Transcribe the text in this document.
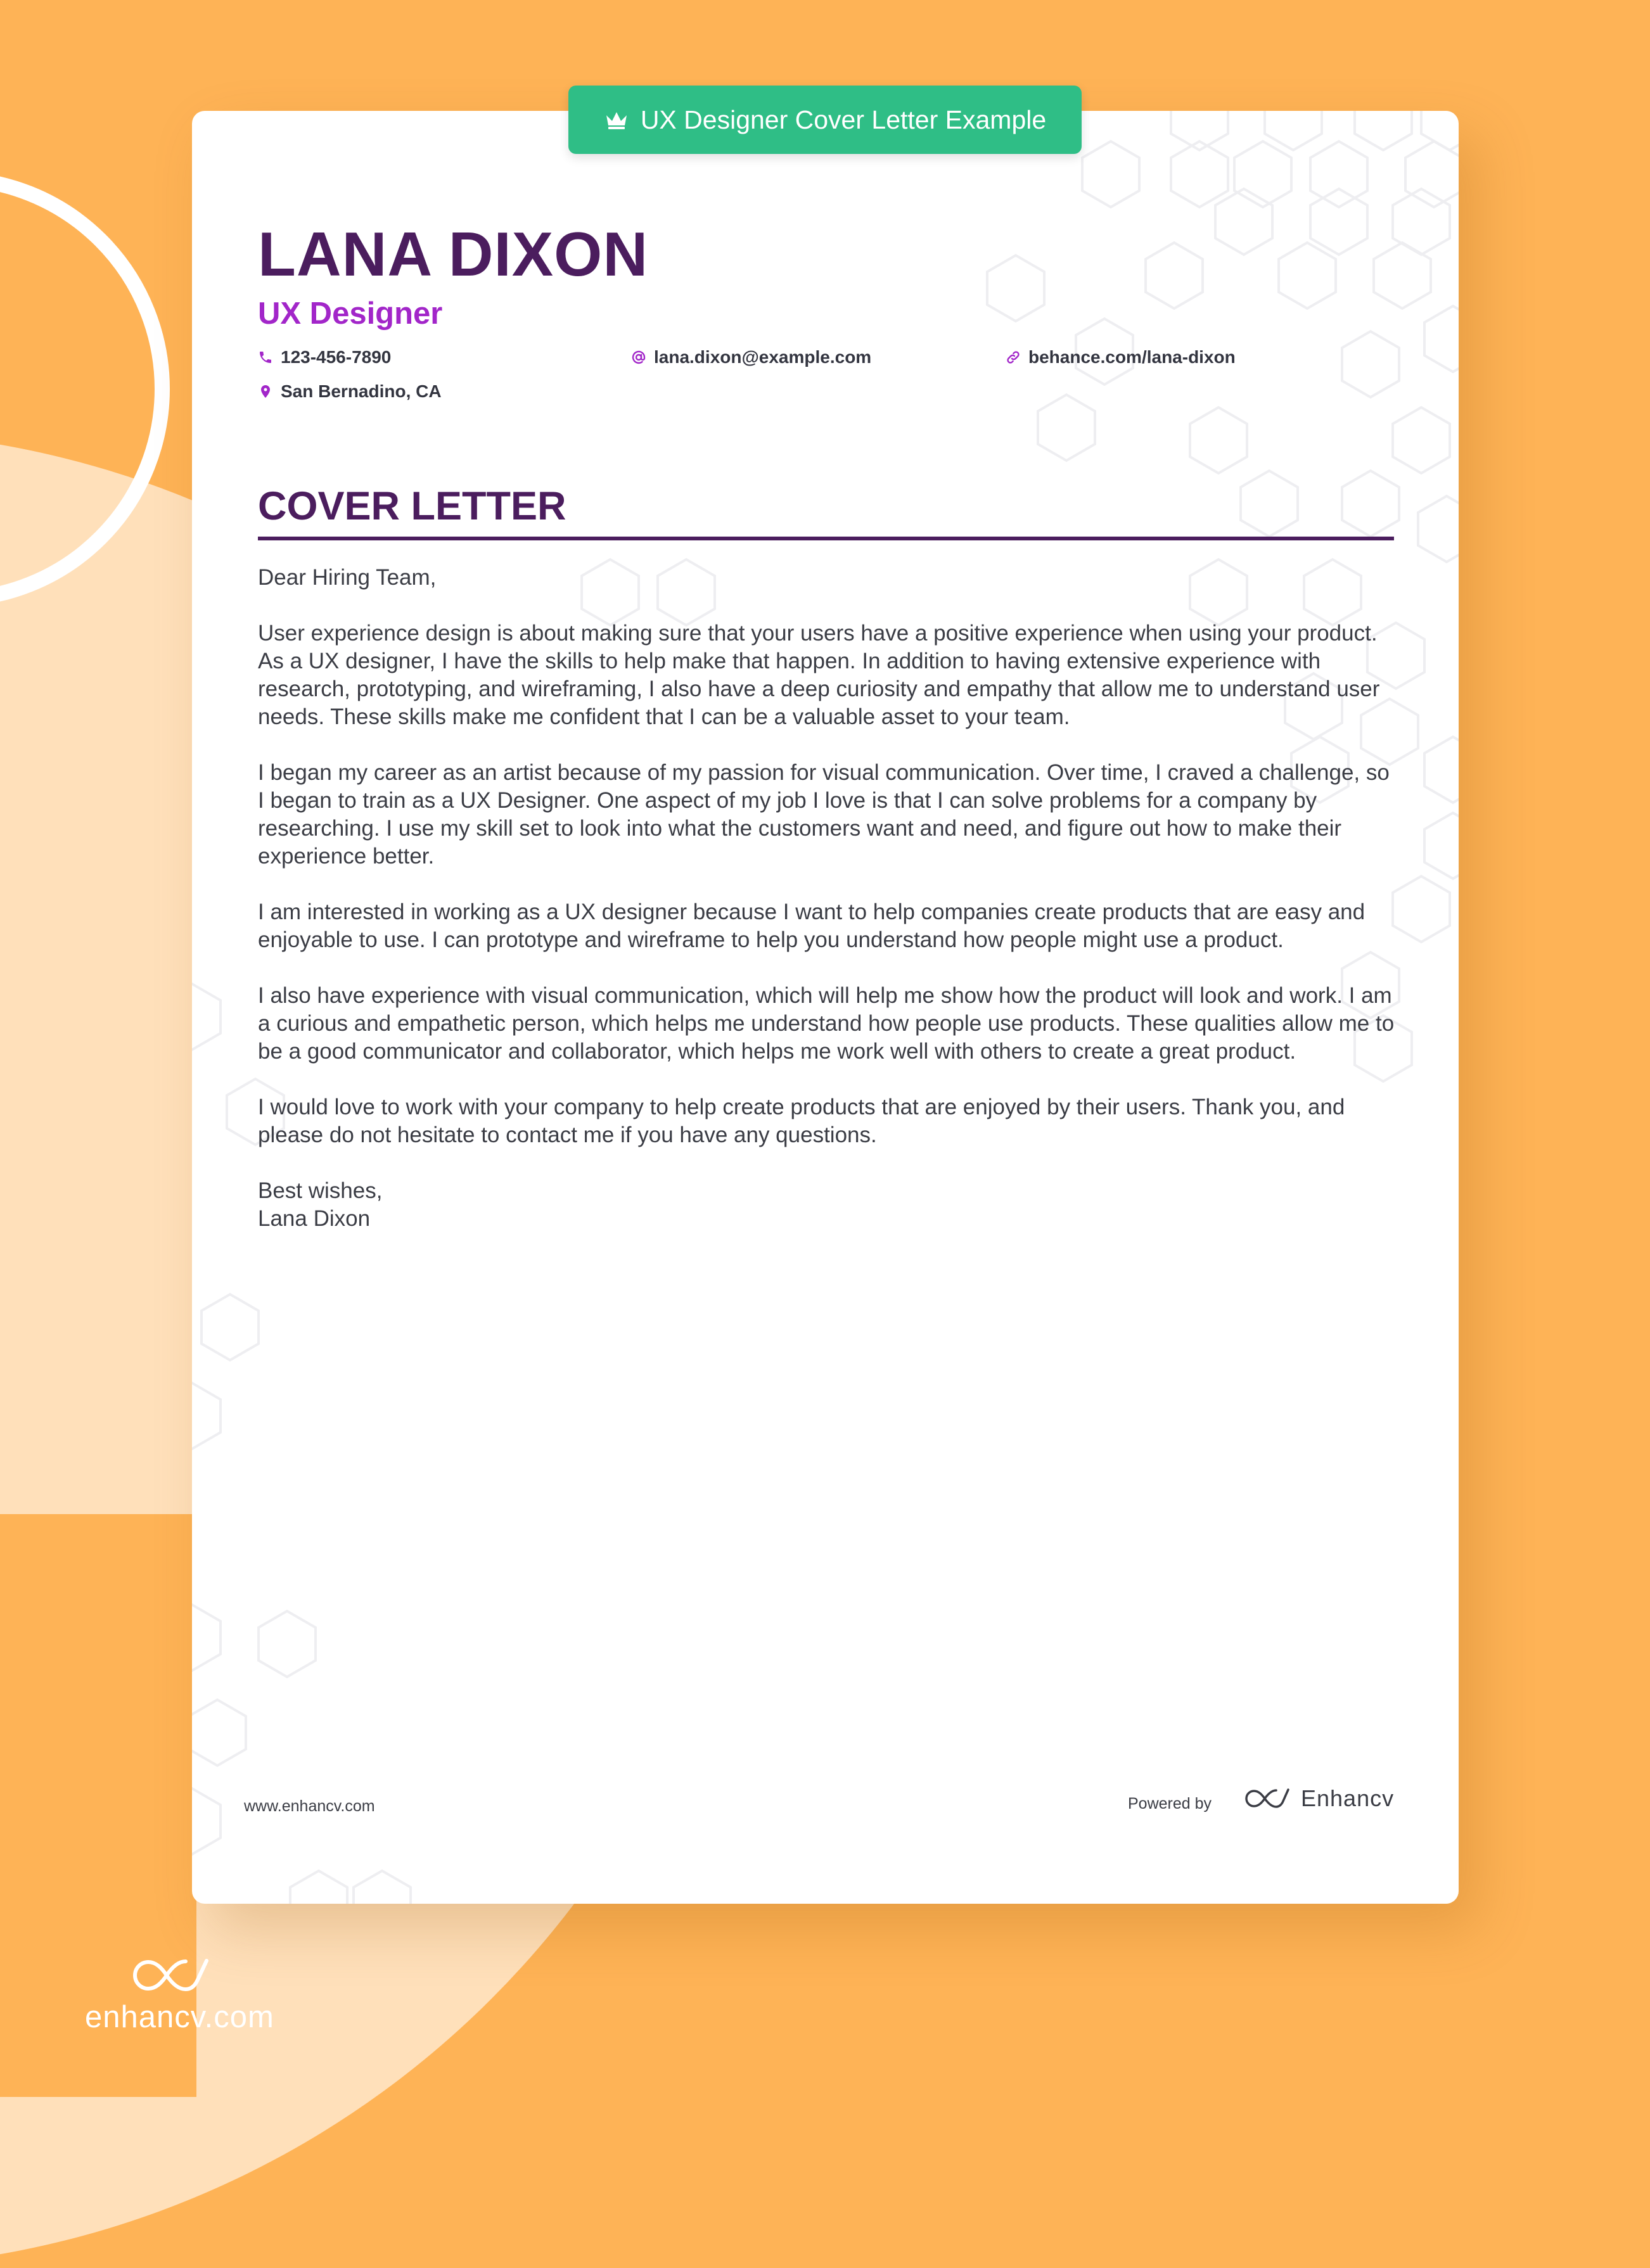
LANA DIXON
UX Designer
123-456-7890	lana.dixon@example.com	behance.com/lana-dixon
San Bernadino, CA
COVER LETTER

Dear Hiring Team,

User experience design is about making sure that your users have a positive experience when using your product. As a UX designer, I have the skills to help make that happen. In addition to having extensive experience with research, prototyping, and wireframing, I also have a deep curiosity and empathy that allow me to understand user needs. These skills make me confident that I can be a valuable asset to your team.

I began my career as an artist because of my passion for visual communication. Over time, I craved a challenge, so I began to train as a UX Designer. One aspect of my job I love is that I can solve problems for a company by researching. I use my skill set to look into what the customers want and need, and figure out how to make their experience better.

I am interested in working as a UX designer because I want to help companies create products that are easy and enjoyable to use. I can prototype and wireframe to help you understand how people might use a product.

I also have experience with visual communication, which will help me show how the product will look and work. I am a curious and empathetic person, which helps me understand how people use products. These qualities allow me to be a good communicator and collaborator, which helps me work well with others to create a great product.

I would love to work with your company to help create products that are enjoyed by their users. Thank you, and please do not hesitate to contact me if you have any questions.

Best wishes,

Lana Dixon

www.enhancv.com	Powered by	Enhancv
UX Designer Cover Letter Example
enhancv.com
